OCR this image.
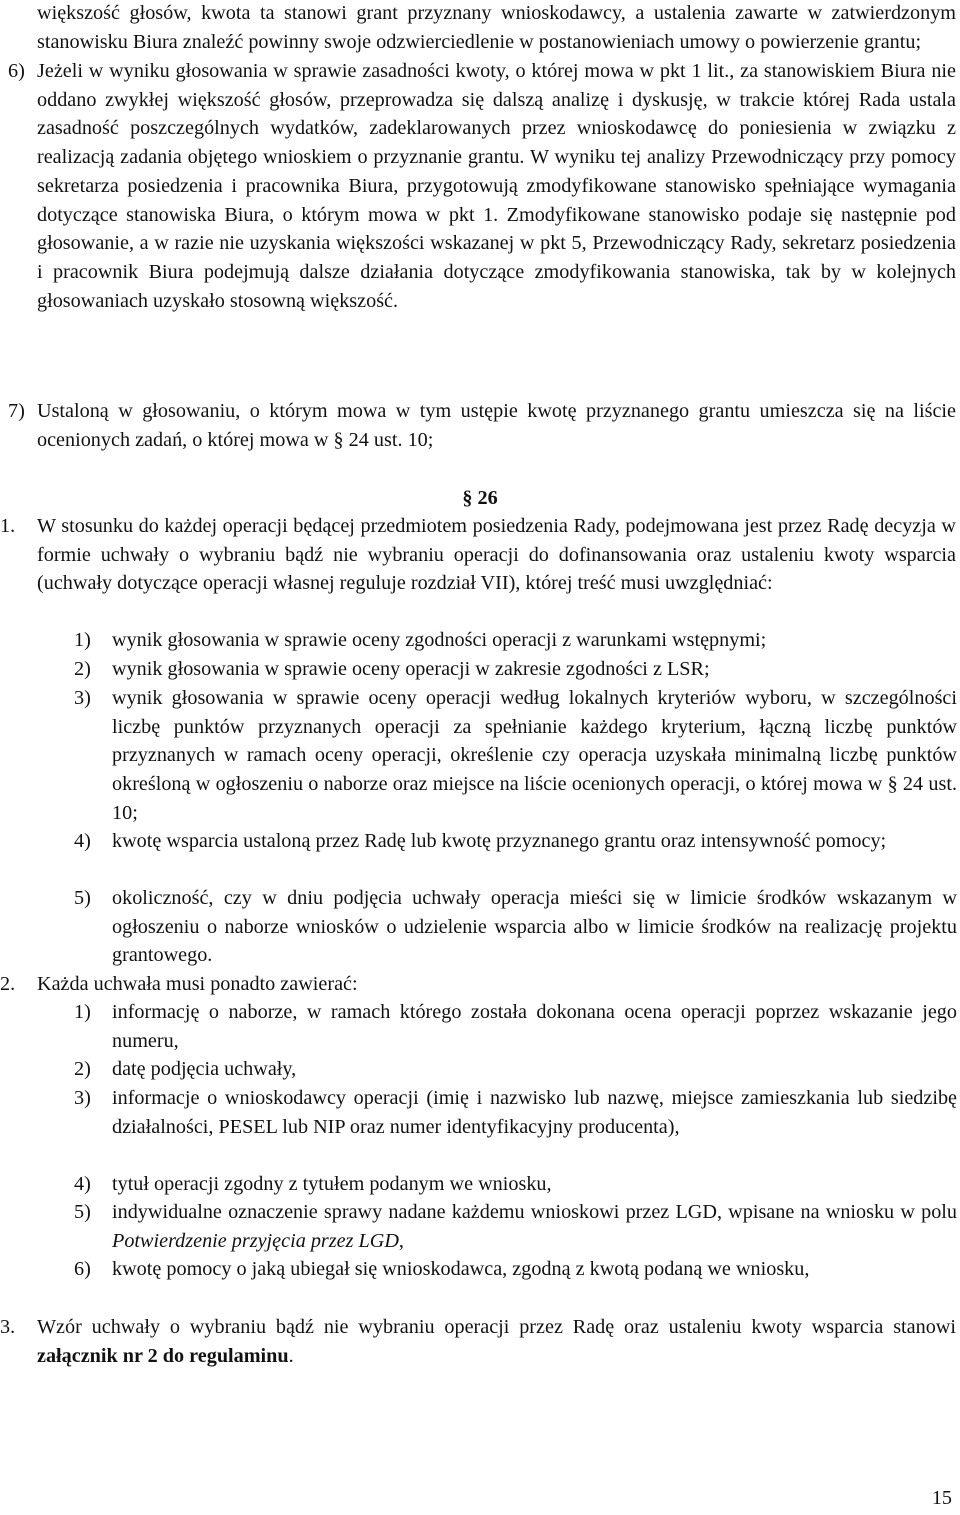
większość głosów, kwota ta stanowi grant przyznany wnioskodawcy, a ustalenia zawarte w zatwierdzonym stanowisku Biura znaleźć powinny swoje odzwierciedlenie w postanowieniach umowy o powierzenie grantu;
6) Jeżeli w wyniku głosowania w sprawie zasadności kwoty, o której mowa w pkt 1 lit., za stanowiskiem Biura nie oddano zwykłej większość głosów, przeprowadza się dalszą analizę i dyskusję, w trakcie której Rada ustala zasadność poszczególnych wydatków, zadeklarowanych przez wnioskodawcę do poniesienia w związku z realizacją zadania objętego wnioskiem o przyznanie grantu. W wyniku tej analizy Przewodniczący przy pomocy sekretarza posiedzenia i pracownika Biura, przygotowują zmodyfikowane stanowisko spełniające wymagania dotyczące stanowiska Biura, o którym mowa w pkt 1. Zmodyfikowane stanowisko podaje się następnie pod głosowanie, a w razie nie uzyskania większości wskazanej w pkt 5, Przewodniczący Rady, sekretarz posiedzenia i pracownik Biura podejmują dalsze działania dotyczące zmodyfikowania stanowiska, tak by w kolejnych głosowaniach uzyskało stosowną większość.
7) Ustaloną w głosowaniu, o którym mowa w tym ustępie kwotę przyznanego grantu umieszcza się na liście ocenionych zadań, o której mowa w § 24 ust. 10;
§ 26
1. W stosunku do każdej operacji będącej przedmiotem posiedzenia Rady, podejmowana jest przez Radę decyzja w formie uchwały o wybraniu bądź nie wybraniu operacji do dofinansowania oraz ustaleniu kwoty wsparcia (uchwały dotyczące operacji własnej reguluje rozdział VII), której treść musi uwzględniać:
1) wynik głosowania w sprawie oceny zgodności operacji z warunkami wstępnymi;
2) wynik głosowania w sprawie oceny operacji w zakresie zgodności z LSR;
3) wynik głosowania w sprawie oceny operacji według lokalnych kryteriów wyboru, w szczególności liczbę punktów przyznanych operacji za spełnianie każdego kryterium, łączną liczbę punktów przyznanych w ramach oceny operacji, określenie czy operacja uzyskała minimalną liczbę punktów określoną w ogłoszeniu o naborze oraz miejsce na liście ocenionych operacji, o której mowa w § 24 ust. 10;
4) kwotę wsparcia ustaloną przez Radę lub kwotę przyznanego grantu oraz intensywność pomocy;
5) okoliczność, czy w dniu podjęcia uchwały operacja mieści się w limicie środków wskazanym w ogłoszeniu o naborze wniosków o udzielenie wsparcia albo w limicie środków na realizację projektu grantowego.
2. Każda uchwała musi ponadto zawierać:
1) informację o naborze, w ramach którego została dokonana ocena operacji poprzez wskazanie jego numeru,
2) datę podjęcia uchwały,
3) informacje o wnioskodawcy operacji (imię i nazwisko lub nazwę, miejsce zamieszkania lub siedzibę działalności, PESEL lub NIP oraz numer identyfikacyjny producenta),
4) tytuł operacji zgodny z tytułem podanym we wniosku,
5) indywidualne oznaczenie sprawy nadane każdemu wnioskowi przez LGD, wpisane na wniosku w polu Potwierdzenie przyjęcia przez LGD,
6) kwotę pomocy o jaką ubiegał się wnioskodawca, zgodną z kwotą podaną we wniosku,
3. Wzór uchwały o wybraniu bądź nie wybraniu operacji przez Radę oraz ustaleniu kwoty wsparcia stanowi załącznik nr 2 do regulaminu.
15
